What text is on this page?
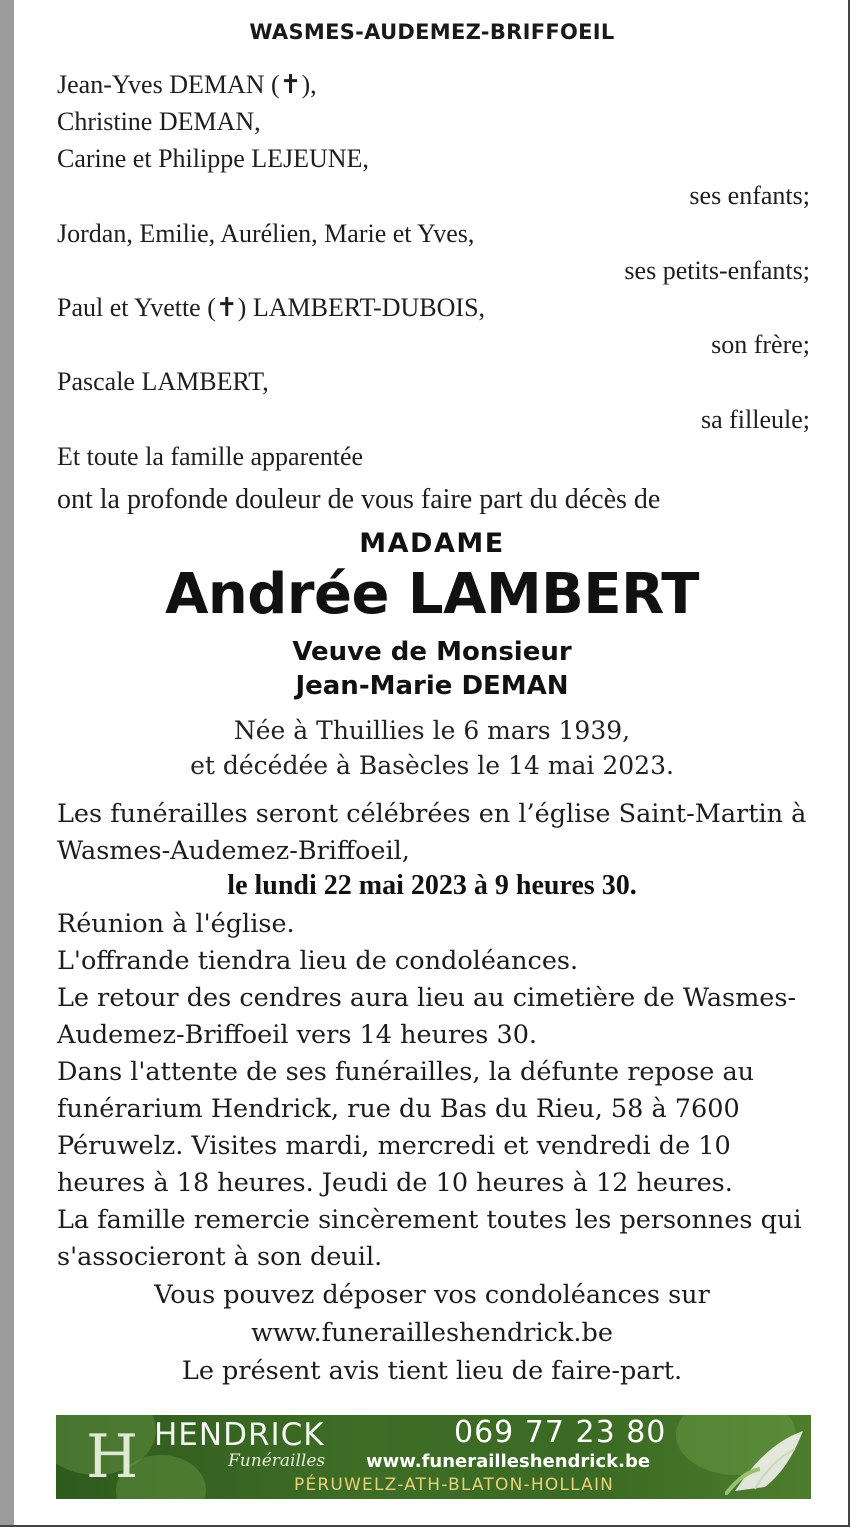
WASMES-AUDEMEZ-BRIFFOEIL
Jean-Yves DEMAN (✝),
Christine DEMAN,
Carine et Philippe LEJEUNE,
ses enfants;
Jordan, Emilie, Aurélien, Marie et Yves,
ses petits-enfants;
Paul et Yvette (✝) LAMBERT-DUBOIS,
son frère;
Pascale LAMBERT,
sa filleule;
Et toute la famille apparentée
ont la profonde douleur de vous faire part du décès de
MADAME
Andrée LAMBERT
Veuve de Monsieur
Jean-Marie DEMAN
Née à Thuillies le 6 mars 1939,
et décédée à Basècles le 14 mai 2023.
Les funérailles seront célébrées en l’église Saint-Martin à
Wasmes-Audemez-Briffoeil,
le lundi 22 mai 2023 à 9 heures 30.
Réunion à l'église.
L'offrande tiendra lieu de condoléances.
Le retour des cendres aura lieu au cimetière de Wasmes-
Audemez-Briffoeil vers 14 heures 30.
Dans l'attente de ses funérailles, la défunte repose au
funérarium Hendrick, rue du Bas du Rieu, 58 à 7600
Péruwelz. Visites mardi, mercredi et vendredi de 10
heures à 18 heures. Jeudi de 10 heures à 12 heures.
La famille remercie sincèrement toutes les personnes qui
s'associeront à son deuil.
Vous pouvez déposer vos condoléances sur
www.funerailleshendrick.be
Le présent avis tient lieu de faire-part.
H HENDRICK
Funérailles
069 77 23 80
www.funerailleshendrick.be
PÉRUWELZ-ATH-BLATON-HOLLAIN
